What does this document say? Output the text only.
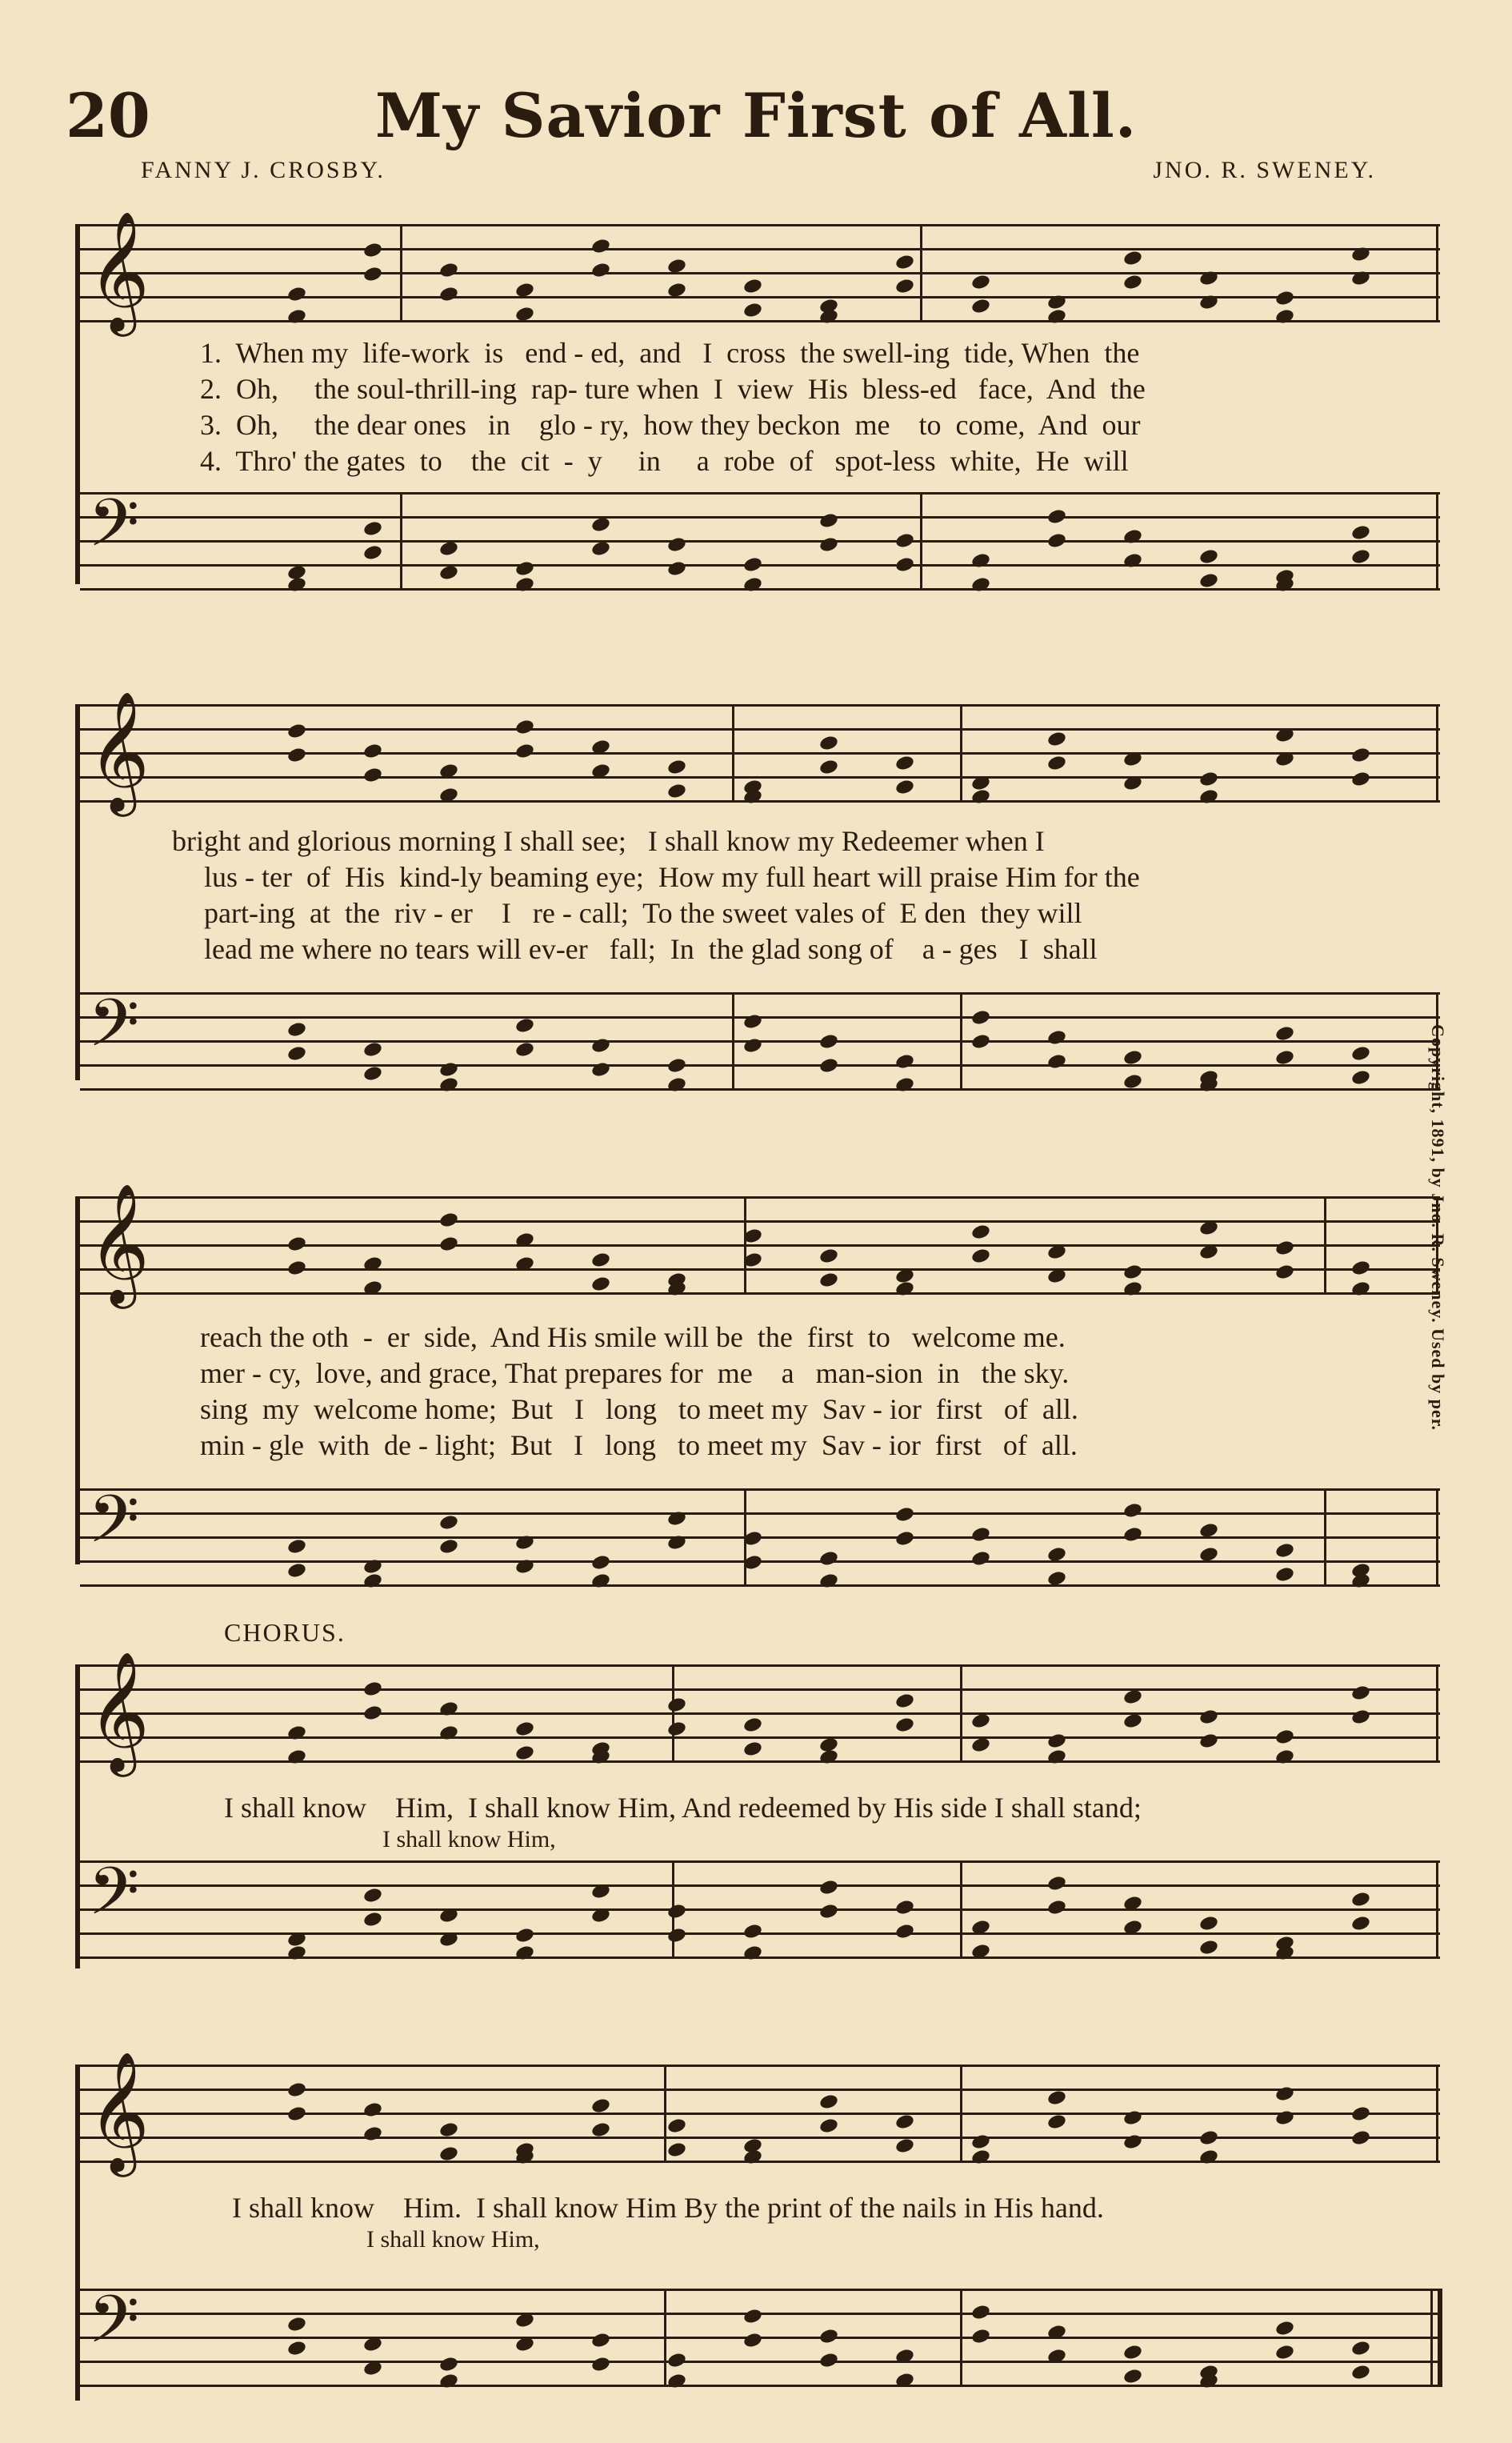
20	My Savior First of All.
FANNY J. CROSBY.	JNO. R. SWENEY.
𝄞
1.  When my  life-work  is   end - ed,  and   I  cross  the swell-ing  tide, When  the
2.  Oh,     the soul-thrill-ing  rap- ture when  I  view  His  bless-ed   face,  And  the
3.  Oh,     the dear ones   in    glo - ry,  how they beckon  me    to  come,  And  our
4.  Thro' the gates  to    the  cit  -  y     in     a  robe  of   spot-less  white,  He  will
𝄢
𝄞
bright and glorious morning I shall see;   I shall know my Redeemer when I
lus - ter  of  His  kind-ly beaming eye;  How my full heart will praise Him for the
part-ing  at  the  riv - er    I   re - call;  To the sweet vales of  E den  they will
lead me where no tears will ev-er   fall;  In  the glad song of    a - ges   I  shall
𝄢
𝄞
reach the oth  -  er  side,  And His smile will be  the  first  to   welcome me.
mer - cy,  love, and grace, That prepares for  me    a   man-sion  in   the sky.
sing  my  welcome home;  But   I   long   to meet my  Sav - ior  first   of  all.
min - gle  with  de - light;  But   I   long   to meet my  Sav - ior  first   of  all.
𝄢
CHORUS.
𝄞
I shall know    Him,  I shall know Him, And redeemed by His side I shall stand;
I shall know Him,
𝄢
𝄞
I shall know    Him.  I shall know Him By the print of the nails in His hand.
I shall know Him,
𝄢
Copyright, 1891, by Jno. R. Sweney. Used by per.
